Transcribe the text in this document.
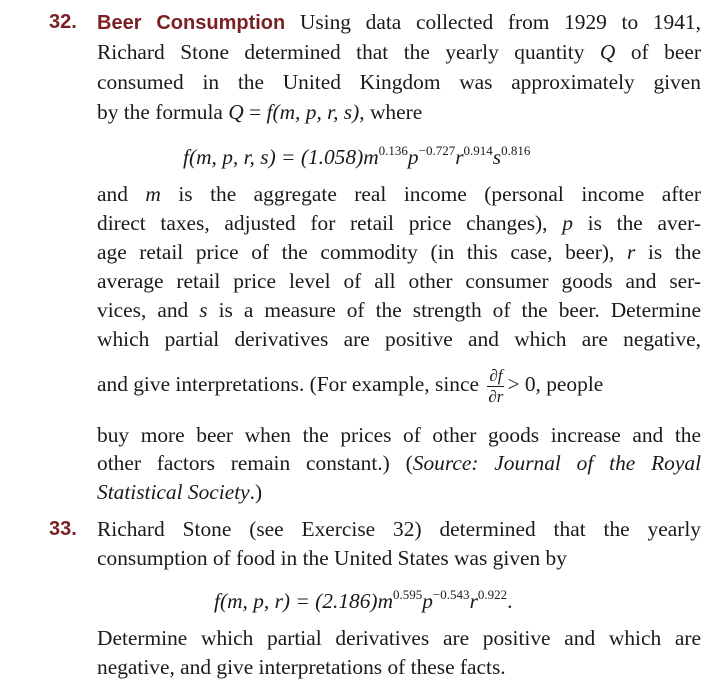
32. Beer Consumption Using data collected from 1929 to 1941,
Richard Stone determined that the yearly quantity Q of beer
consumed in the United Kingdom was approximately given
by the formula Q = f(m, p, r, s), where
f(m, p, r, $s) = (1.058)m^{0.136}p^{-0.727}r^{0.914}s^{0.816}$
and m is the aggregate real income (personal income after
direct taxes, adjusted for retail price changes), p is the aver-
age retail price of the commodity (in this case, beer), r is the
average retail price level of all other consumer goods and ser-
vices, and s is a measure of the strength of the beer. Determine
which partial derivatives are positive and which are negative,
and give interpretations. (For example, since $\frac{\partial f}{\partial r} > 0$, people
buy more beer when the prices of other goods increase and the
other factors remain constant.) (Source: Journal of the Royal
Statistical Society.)
33. Richard Stone (see Exercise 32) determined that the yearly
consumption of food in the United States was given by
f(m, p, $r) = (2.186)m^{0.595}p^{-0.543}r^{0.922}$.
Determine which partial derivatives are positive and which are
negative, and give interpretations of these facts.
